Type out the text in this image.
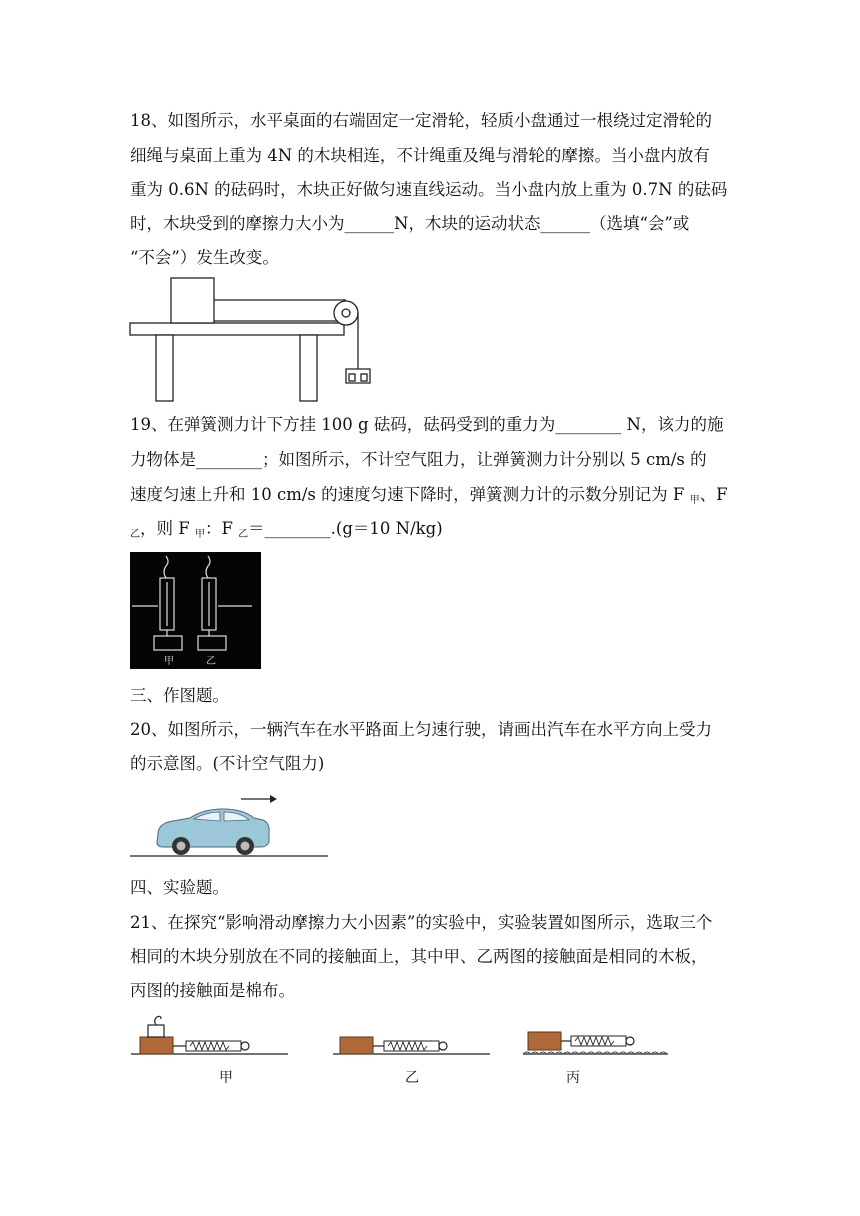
18、如图所示，水平桌面的右端固定一定滑轮，轻质小盘通过一根绕过定滑轮的
细绳与桌面上重为 4N 的木块相连，不计绳重及绳与滑轮的摩擦。当小盘内放有
重为 0.6N 的砝码时，木块正好做匀速直线运动。当小盘内放上重为 0.7N 的砝码
时，木块受到的摩擦力大小为______N，木块的运动状态______（选填“会”或
“不会”）发生改变。
19、在弹簧测力计下方挂 100 g 砝码，砝码受到的重力为________ N，该力的施
力物体是________；如图所示，不计空气阻力，让弹簧测力计分别以 5 cm/s 的
速度匀速上升和 10 cm/s 的速度匀速下降时，弹簧测力计的示数分别记为 F $_甲$、F
$_乙$，则 F $_甲$：F $_乙$＝________.(g＝10 N/kg)
甲	乙
三、作图题。
20、如图所示，一辆汽车在水平路面上匀速行驶，请画出汽车在水平方向上受力
的示意图。(不计空气阻力)
四、实验题。
21、在探究“影响滑动摩擦力大小因素”的实验中，实验装置如图所示，选取三个
相同的木块分别放在不同的接触面上，其中甲、乙两图的接触面是相同的木板，
丙图的接触面是棉布。
甲	乙	丙
